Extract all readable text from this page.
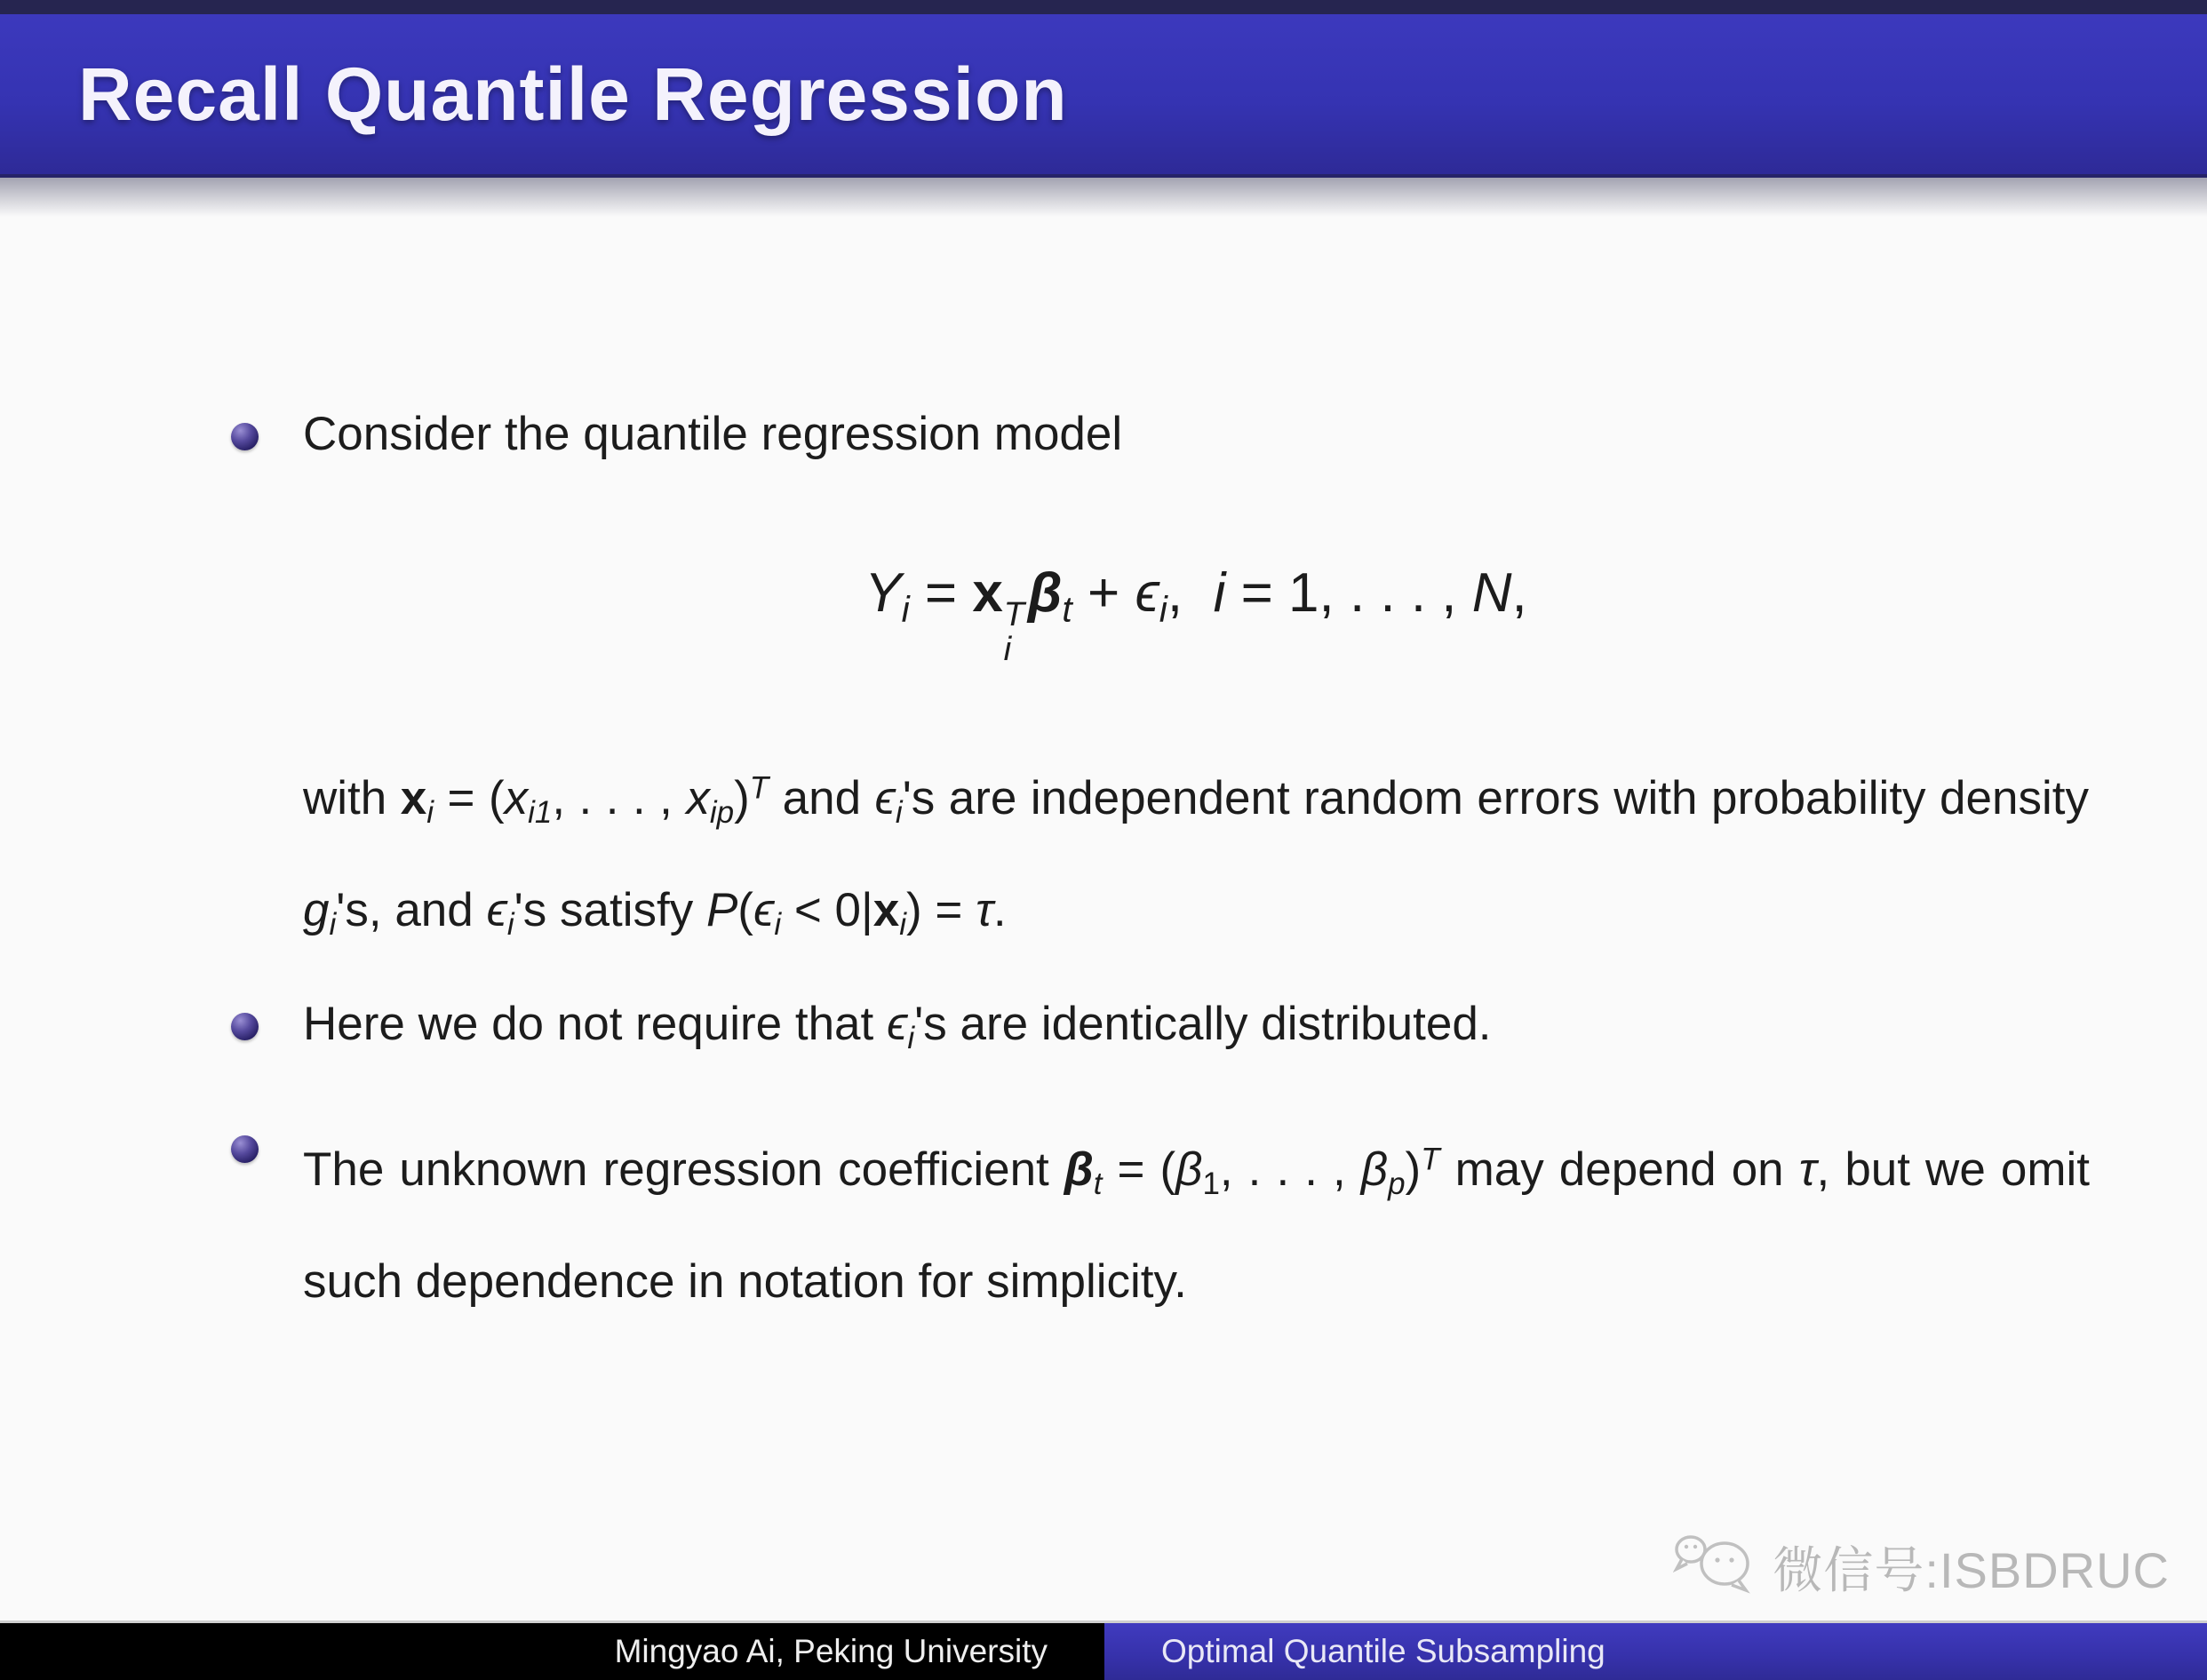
Recall Quantile Regression
Consider the quantile regression model
Yi = x T
i
βt + ϵi,  i = 1, . . . , N,
with xi = (xi1, . . . , xip)$^T$ and ϵi's are independent random errors with probability density gi's, and ϵi's satisfy P(ϵi < 0|xi) = τ.
Here we do not require that ϵi's are identically distributed.
The unknown regression coefficient βt = (β1, . . . , βp)$^T$ may depend on τ, but we omit such dependence in notation for simplicity.
微信号:ISBDRUC
Mingyao Ai, Peking University	Optimal Quantile Subsampling
